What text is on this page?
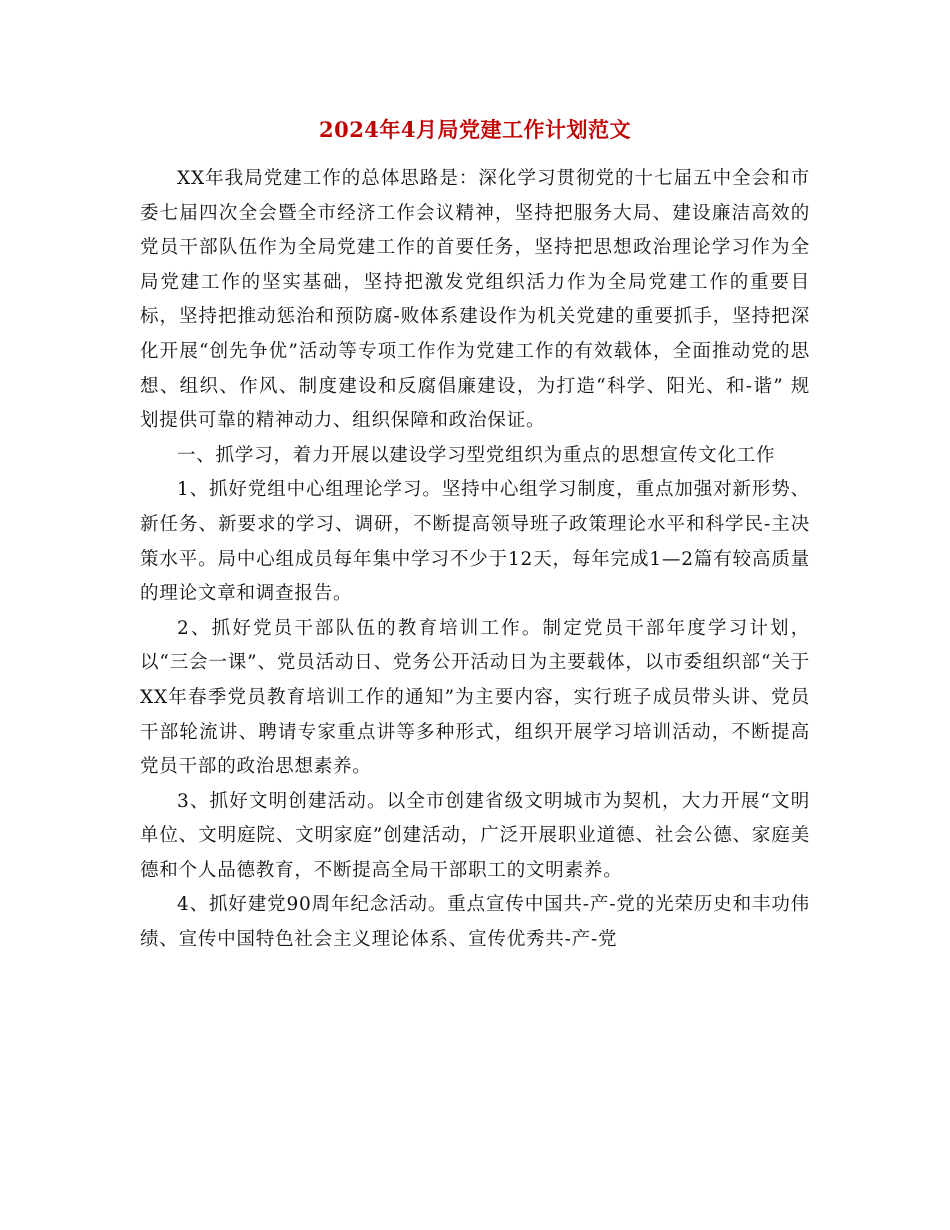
2024年4月局党建工作计划范文

XX年我局党建工作的总体思路是：深化学习贯彻党的十七届五中全会和市委七届四次全会暨全市经济工作会议精神，坚持把服务大局、建设廉洁高效的党员干部队伍作为全局党建工作的首要任务，坚持把思想政治理论学习作为全局党建工作的坚实基础，坚持把激发党组织活力作为全局党建工作的重要目标，坚持把推动惩治和预防腐-败体系建设作为机关党建的重要抓手，坚持把深化开展“创先争优”活动等专项工作作为党建工作的有效载体，全面推动党的思想、组织、作风、制度建设和反腐倡廉建设，为打造“科学、阳光、和-谐” 规划提供可靠的精神动力、组织保障和政治保证。

一、抓学习，着力开展以建设学习型党组织为重点的思想宣传文化工作

1、抓好党组中心组理论学习。坚持中心组学习制度，重点加强对新形势、新任务、新要求的学习、调研，不断提高领导班子政策理论水平和科学民-主决策水平。局中心组成员每年集中学习不少于12天，每年完成1—2篇有较高质量的理论文章和调查报告。

2、抓好党员干部队伍的教育培训工作。制定党员干部年度学习计划，以“三会一课”、党员活动日、党务公开活动日为主要载体，以市委组织部“关于XX年春季党员教育培训工作的通知”为主要内容，实行班子成员带头讲、党员干部轮流讲、聘请专家重点讲等多种形式，组织开展学习培训活动，不断提高党员干部的政治思想素养。

3、抓好文明创建活动。以全市创建省级文明城市为契机，大力开展“文明单位、文明庭院、文明家庭”创建活动，广泛开展职业道德、社会公德、家庭美德和个人品德教育，不断提高全局干部职工的文明素养。

4、抓好建党90周年纪念活动。重点宣传中国共-产-党的光荣历史和丰功伟绩、宣传中国特色社会主义理论体系、宣传优秀共-产-党
